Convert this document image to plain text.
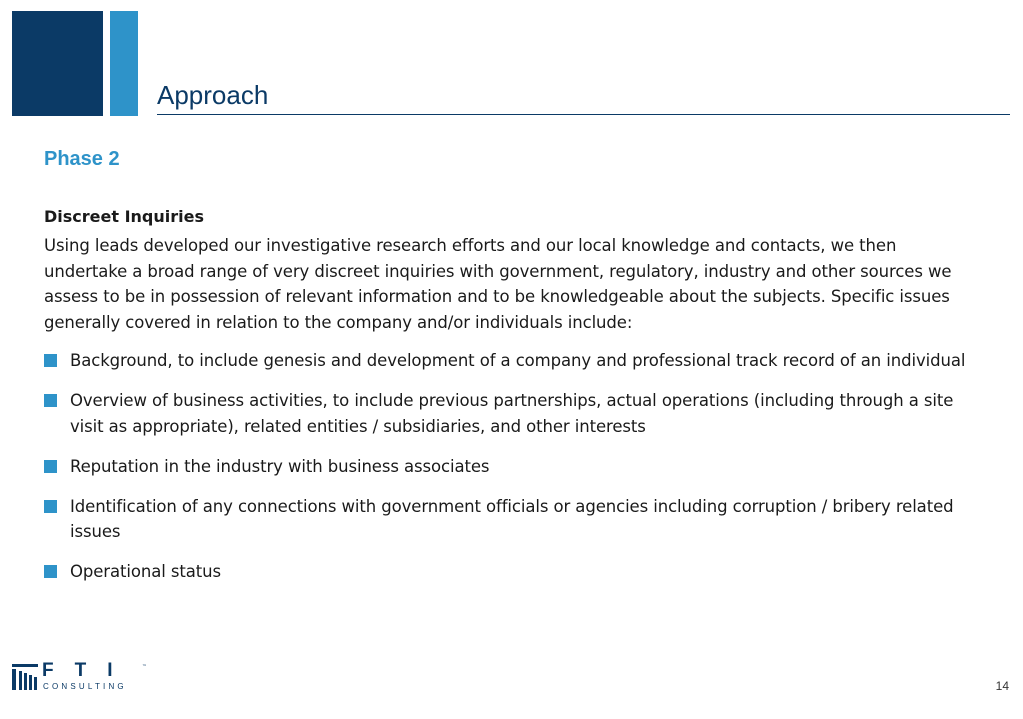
Approach
Phase 2
Discreet Inquiries
Using leads developed our investigative research efforts and our local knowledge and contacts, we then undertake a broad range of very discreet inquiries with government, regulatory, industry and other sources we assess to be in possession of relevant information and to be knowledgeable about the subjects. Specific issues generally covered in relation to the company and/or individuals include:
Background, to include genesis and development of a company and professional track record of an individual
Overview of business activities, to include previous partnerships, actual operations (including through a site visit as appropriate), related entities / subsidiaries, and other interests
Reputation in the industry with business associates
Identification of any connections with government officials or agencies including corruption / bribery related issues
Operational status
FTI ™
CONSULTING	14
